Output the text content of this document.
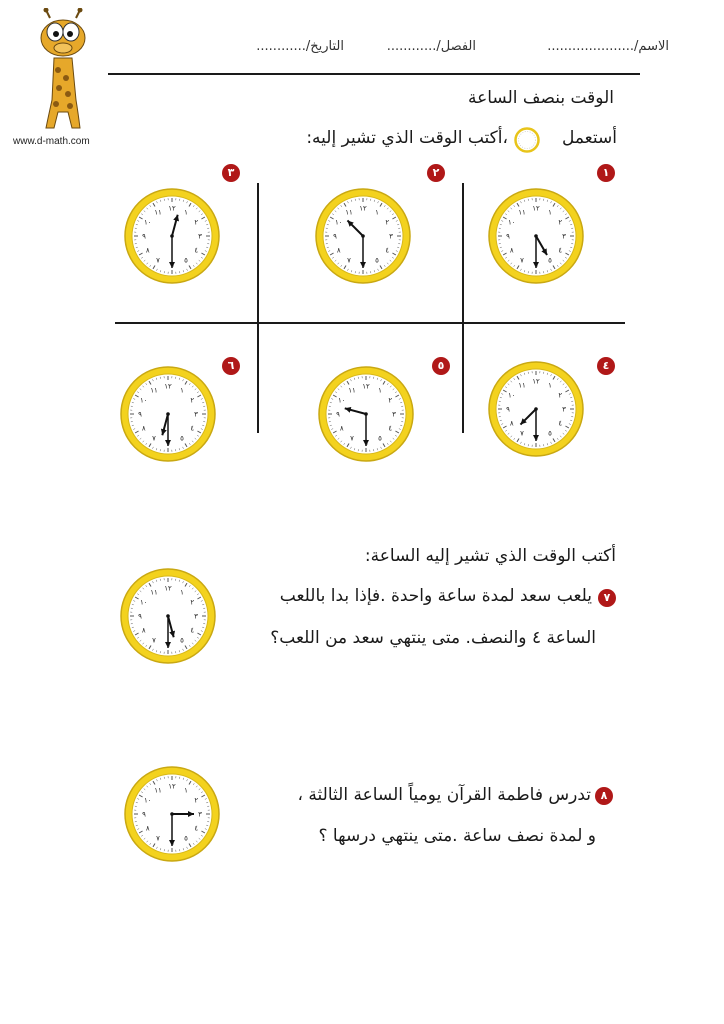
www.d-math.com
الاسم/.....................
الفصل/............
التاريخ/............
الوقت بنصف الساعة
أستعمل
،أكتب الوقت الذي تشير إليه:
١
٢
٣
٤
٥
٦
١٢ ١
٢
٣
٤
٥
٧
٨
٩
١٠
١١
١٢ ١
٢
٣
٤
٥
٧
٨
٩
١٠
١١
١٢ ١
٢
٣
٤
٥
٧
٨
٩
١٠
١١
١٢ ١
٢
٣
٤
٥
٧
٨
٩
١٠
١١
١٢ ١
٢
٣
٤
٥
٧
٨
٩
١٠
١١
١٢ ١
٢
٣
٤
٥
٧
٨
٩
١٠
١١
أكتب الوقت الذي تشير إليه الساعة:
٧
يلعب سعد لمدة ساعة واحدة .فإذا بدا باللعب
الساعة ٤ والنصف. متى ينتهي سعد من اللعب؟
١٢ ١
٢
٣
٤
٥
٧
٨
٩
١٠
١١
٨
تدرس فاطمة القرآن يومياً الساعة الثالثة ،
و لمدة نصف ساعة .متى ينتهي درسها ؟
١٢ ١
٢
٣
٤
٥
٧
٨
٩
١٠
١١
